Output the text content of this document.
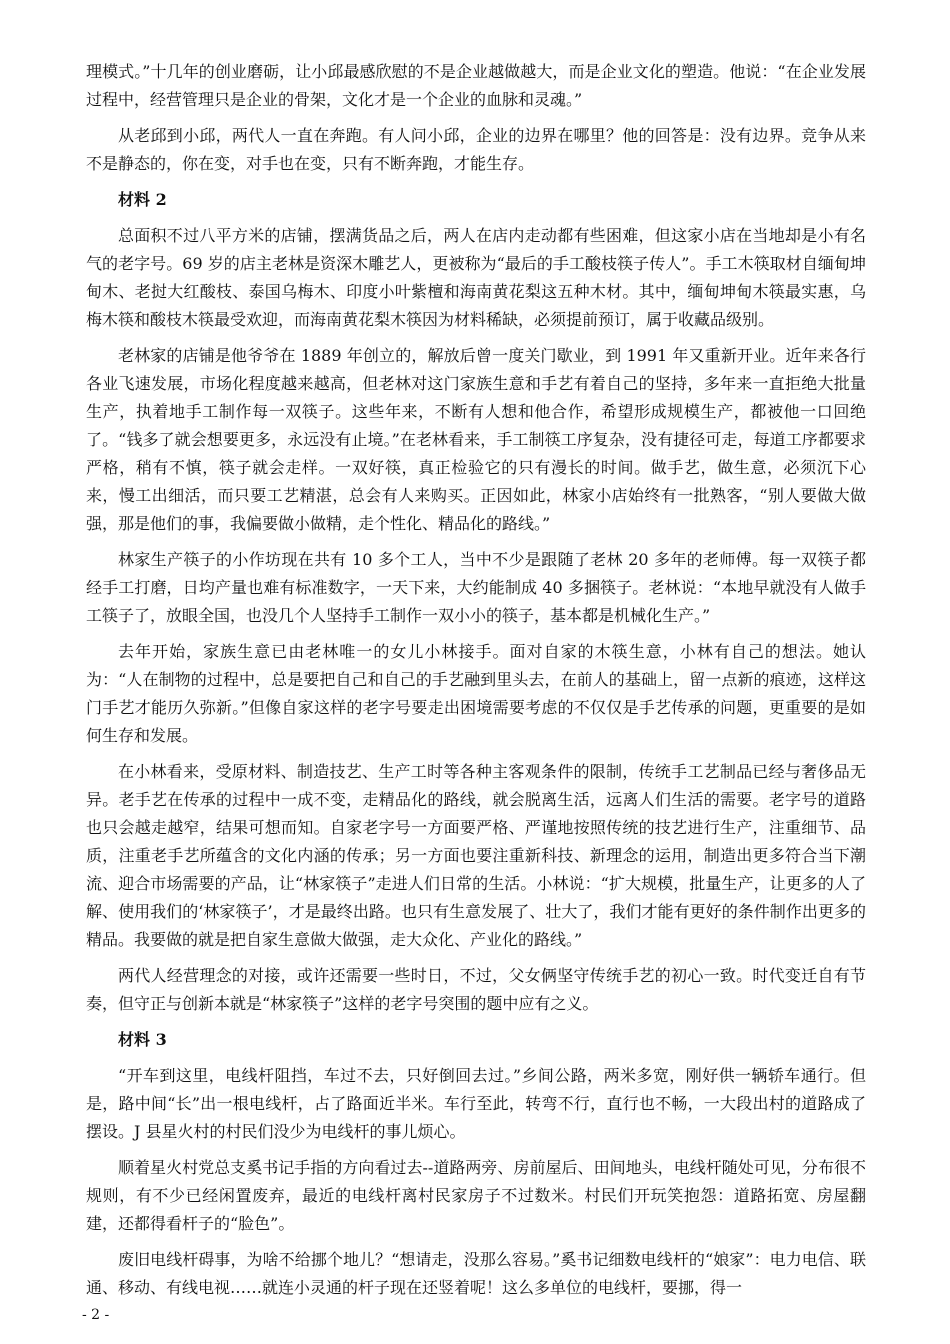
理模式。”十几年的创业磨砺，让小邱最感欣慰的不是企业越做越大，而是企业文化的塑造。他说：“在企业发展过程中，经营管理只是企业的骨架，文化才是一个企业的血脉和灵魂。”

从老邱到小邱，两代人一直在奔跑。有人问小邱，企业的边界在哪里？他的回答是：没有边界。竞争从来不是静态的，你在变，对手也在变，只有不断奔跑，才能生存。

材料 2

总面积不过八平方米的店铺，摆满货品之后，两人在店内走动都有些困难，但这家小店在当地却是小有名气的老字号。69 岁的店主老林是资深木雕艺人，更被称为“最后的手工酸枝筷子传人”。手工木筷取材自缅甸坤甸木、老挝大红酸枝、泰国乌梅木、印度小叶紫檀和海南黄花梨这五种木材。其中，缅甸坤甸木筷最实惠，乌梅木筷和酸枝木筷最受欢迎，而海南黄花梨木筷因为材料稀缺，必须提前预订，属于收藏品级别。

老林家的店铺是他爷爷在 1889 年创立的，解放后曾一度关门歇业，到 1991 年又重新开业。近年来各行各业飞速发展，市场化程度越来越高，但老林对这门家族生意和手艺有着自己的坚持，多年来一直拒绝大批量生产，执着地手工制作每一双筷子。这些年来，不断有人想和他合作，希望形成规模生产，都被他一口回绝了。“钱多了就会想要更多，永远没有止境。”在老林看来，手工制筷工序复杂，没有捷径可走，每道工序都要求严格，稍有不慎，筷子就会走样。一双好筷，真正检验它的只有漫长的时间。做手艺，做生意，必须沉下心来，慢工出细活，而只要工艺精湛，总会有人来购买。正因如此，林家小店始终有一批熟客，“别人要做大做强，那是他们的事，我偏要做小做精，走个性化、精品化的路线。”

林家生产筷子的小作坊现在共有 10 多个工人，当中不少是跟随了老林 20 多年的老师傅。每一双筷子都经手工打磨，日均产量也难有标准数字，一天下来，大约能制成 40 多捆筷子。老林说：“本地早就没有人做手工筷子了，放眼全国，也没几个人坚持手工制作一双小小的筷子，基本都是机械化生产。”

去年开始，家族生意已由老林唯一的女儿小林接手。面对自家的木筷生意，小林有自己的想法。她认为：“人在制物的过程中，总是要把自己和自己的手艺融到里头去，在前人的基础上，留一点新的痕迹，这样这门手艺才能历久弥新。”但像自家这样的老字号要走出困境需要考虑的不仅仅是手艺传承的问题，更重要的是如何生存和发展。

在小林看来，受原材料、制造技艺、生产工时等各种主客观条件的限制，传统手工艺制品已经与奢侈品无异。老手艺在传承的过程中一成不变，走精品化的路线，就会脱离生活，远离人们生活的需要。老字号的道路也只会越走越窄，结果可想而知。自家老字号一方面要严格、严谨地按照传统的技艺进行生产，注重细节、品质，注重老手艺所蕴含的文化内涵的传承；另一方面也要注重新科技、新理念的运用，制造出更多符合当下潮流、迎合市场需要的产品，让“林家筷子”走进人们日常的生活。小林说：“扩大规模，批量生产，让更多的人了解、使用我们的‘林家筷子’，才是最终出路。也只有生意发展了、壮大了，我们才能有更好的条件制作出更多的精品。我要做的就是把自家生意做大做强，走大众化、产业化的路线。”

两代人经营理念的对接，或许还需要一些时日，不过，父女俩坚守传统手艺的初心一致。时代变迁自有节奏，但守正与创新本就是“林家筷子”这样的老字号突围的题中应有之义。

材料 3

“开车到这里，电线杆阻挡，车过不去，只好倒回去过。”乡间公路，两米多宽，刚好供一辆轿车通行。但是，路中间“长”出一根电线杆，占了路面近半米。车行至此，转弯不行，直行也不畅，一大段出村的道路成了摆设。J 县星火村的村民们没少为电线杆的事儿烦心。

顺着星火村党总支奚书记手指的方向看过去--道路两旁、房前屋后、田间地头，电线杆随处可见，分布很不规则，有不少已经闲置废弃，最近的电线杆离村民家房子不过数米。村民们开玩笑抱怨：道路拓宽、房屋翻建，还都得看杆子的“脸色”。

废旧电线杆碍事，为啥不给挪个地儿？“想请走，没那么容易。”奚书记细数电线杆的“娘家”：电力电信、联通、移动、有线电视……就连小灵通的杆子现在还竖着呢！这么多单位的电线杆，要挪，得一

- 2 -
